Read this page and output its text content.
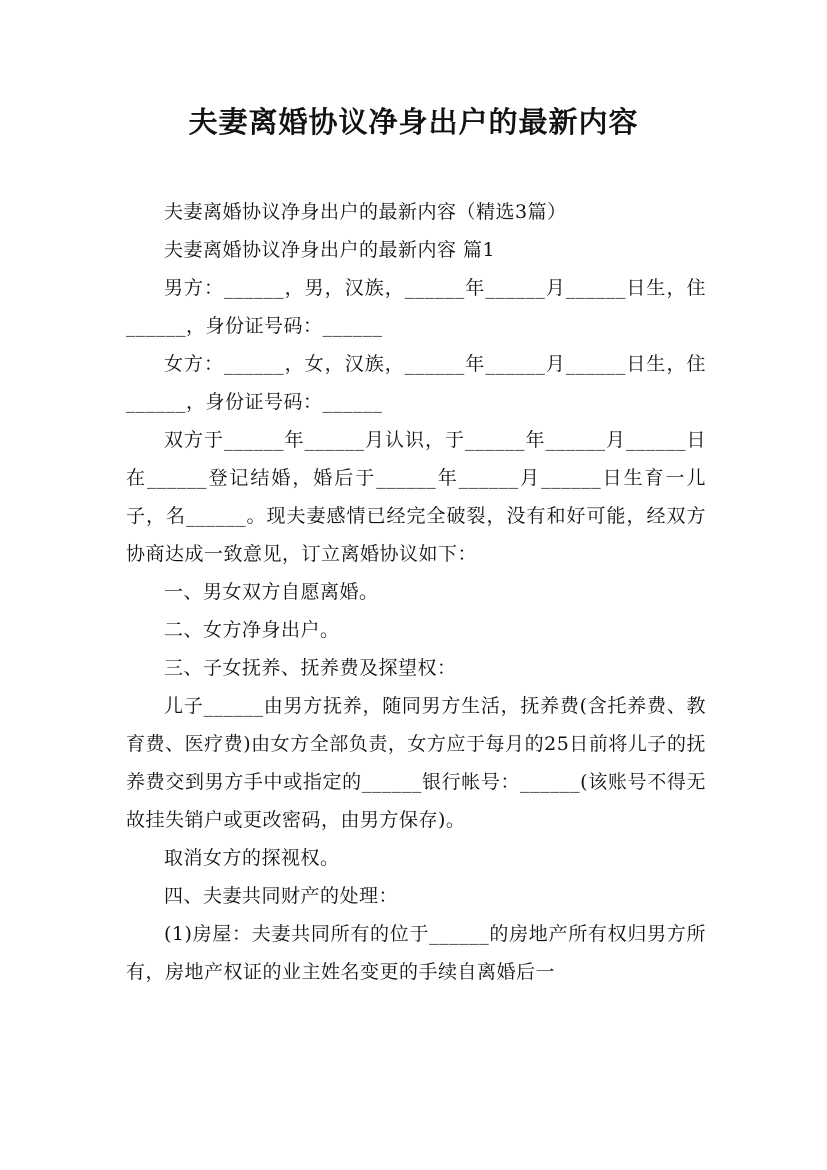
夫妻离婚协议净身出户的最新内容

夫妻离婚协议净身出户的最新内容（精选3篇）

夫妻离婚协议净身出户的最新内容 篇1

男方：______，男，汉族，______年______月______日生，住______，身份证号码：______

女方：______，女，汉族，______年______月______日生，住______，身份证号码：______

双方于______年______月认识，于______年______月______日在______登记结婚，婚后于______年______月______日生育一儿子，名______。现夫妻感情已经完全破裂，没有和好可能，经双方协商达成一致意见，订立离婚协议如下：

一、男女双方自愿离婚。

二、女方净身出户。

三、子女抚养、抚养费及探望权：

儿子______由男方抚养，随同男方生活，抚养费(含托养费、教育费、医疗费)由女方全部负责，女方应于每月的25日前将儿子的抚养费交到男方手中或指定的______银行帐号：______(该账号不得无故挂失销户或更改密码，由男方保存)。

取消女方的探视权。

四、夫妻共同财产的处理：

(1)房屋：夫妻共同所有的位于______的房地产所有权归男方所有，房地产权证的业主姓名变更的手续自离婚后一
